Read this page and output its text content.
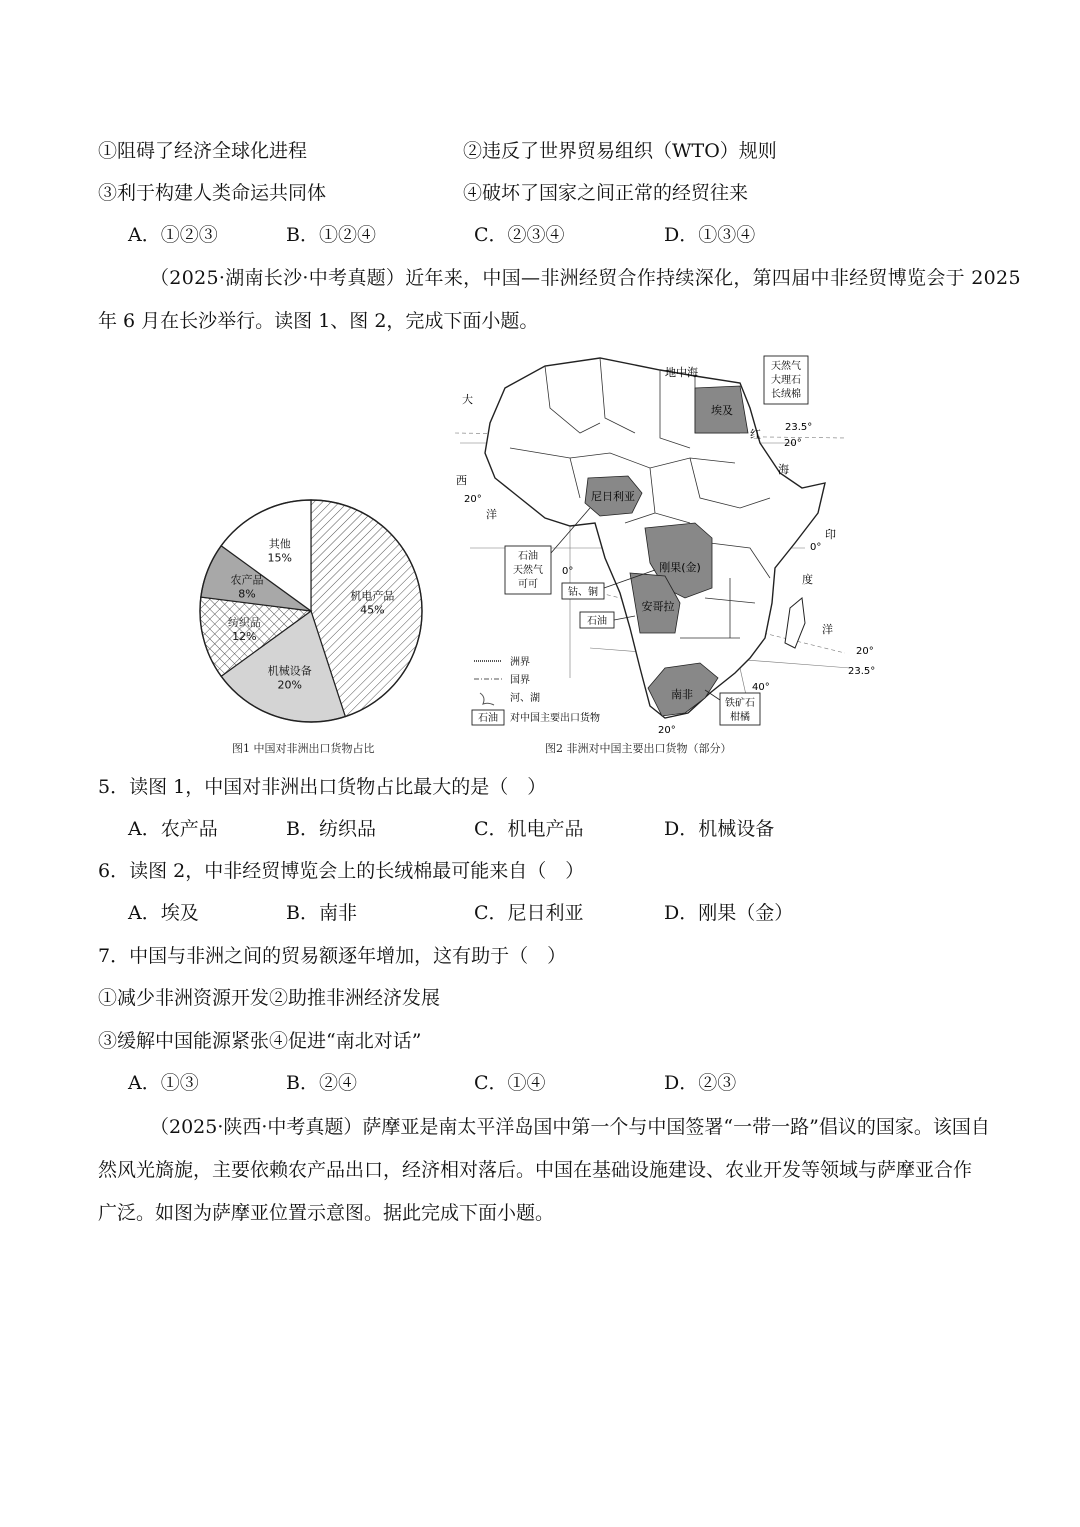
①阻碍了经济全球化进程	②违反了世界贸易组织（WTO）规则
③利于构建人类命运共同体	④破坏了国家之间正常的经贸往来
A．①②③	B．①②④	C．②③④	D．①③④
（2025·湖南长沙·中考真题）近年来，中国—非洲经贸合作持续深化，第四届中非经贸博览会于 2025
年 6 月在长沙举行。读图 1、图 2，完成下面小题。
机电产品
45%
机械设备
20%
纺织品
12%
农产品
8%
其他
15%
图1 中国对非洲出口货物占比
埃及
尼日利亚
刚果(金)
安哥拉
南非
地中海
大
西
洋
红
海
印
度
洋
23.5°
20°
20°
0°
0°
20°
23.5°
40°
20°
天然气
大理石
长绒棉
石油
天然气
可可
钴、铜
石油
铁矿石
柑橘
洲界
国界
河、湖
石油 对中国主要出口货物
图2 非洲对中国主要出口货物（部分）
5．读图 1，中国对非洲出口货物占比最大的是（　）
A．农产品	B．纺织品	C．机电产品	D．机械设备
6．读图 2，中非经贸博览会上的长绒棉最可能来自（　）
A．埃及	B．南非	C．尼日利亚	D．刚果（金）
7．中国与非洲之间的贸易额逐年增加，这有助于（　）
①减少非洲资源开发②助推非洲经济发展
③缓解中国能源紧张④促进“南北对话”
A．①③	B．②④	C．①④	D．②③
（2025·陕西·中考真题）萨摩亚是南太平洋岛国中第一个与中国签署“一带一路”倡议的国家。该国自
然风光旖旎，主要依赖农产品出口，经济相对落后。中国在基础设施建设、农业开发等领域与萨摩亚合作
广泛。如图为萨摩亚位置示意图。据此完成下面小题。
